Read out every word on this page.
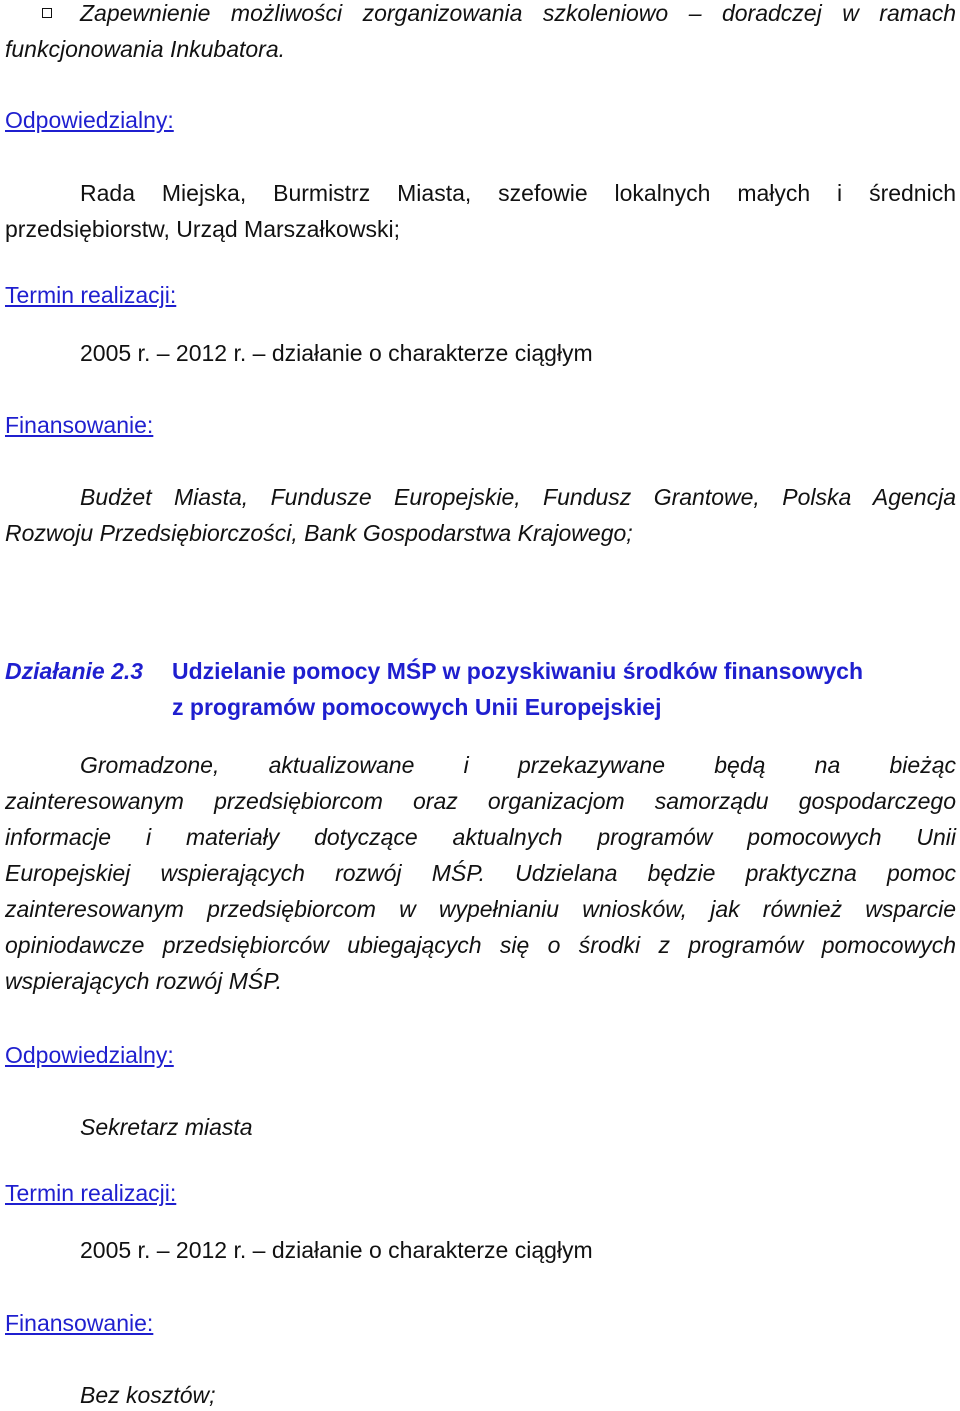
Zapewnienie możliwości zorganizowania szkoleniowo – doradczej w ramach
funkcjonowania Inkubatora.
Odpowiedzialny:
Rada Miejska, Burmistrz Miasta, szefowie lokalnych małych i średnich
przedsiębiorstw, Urząd Marszałkowski;
Termin realizacji:
2005 r. – 2012 r. – działanie o charakterze ciągłym
Finansowanie:
Budżet Miasta, Fundusze Europejskie, Fundusz Grantowe, Polska Agencja
Rozwoju Przedsiębiorczości, Bank Gospodarstwa Krajowego;
Działanie 2.3 Udzielanie pomocy MŚP w pozyskiwaniu środków finansowych
z programów pomocowych Unii Europejskiej
Gromadzone, aktualizowane i przekazywane będą na bieżąc
zainteresowanym przedsiębiorcom oraz organizacjom samorządu gospodarczego
informacje i materiały dotyczące aktualnych programów pomocowych Unii
Europejskiej wspierających rozwój MŚP. Udzielana będzie praktyczna pomoc
zainteresowanym przedsiębiorcom w wypełnianiu wniosków, jak również wsparcie
opiniodawcze przedsiębiorców ubiegających się o środki z programów pomocowych
wspierających rozwój MŚP.
Odpowiedzialny:
Sekretarz miasta
Termin realizacji:
2005 r. – 2012 r. – działanie o charakterze ciągłym
Finansowanie:
Bez kosztów;
